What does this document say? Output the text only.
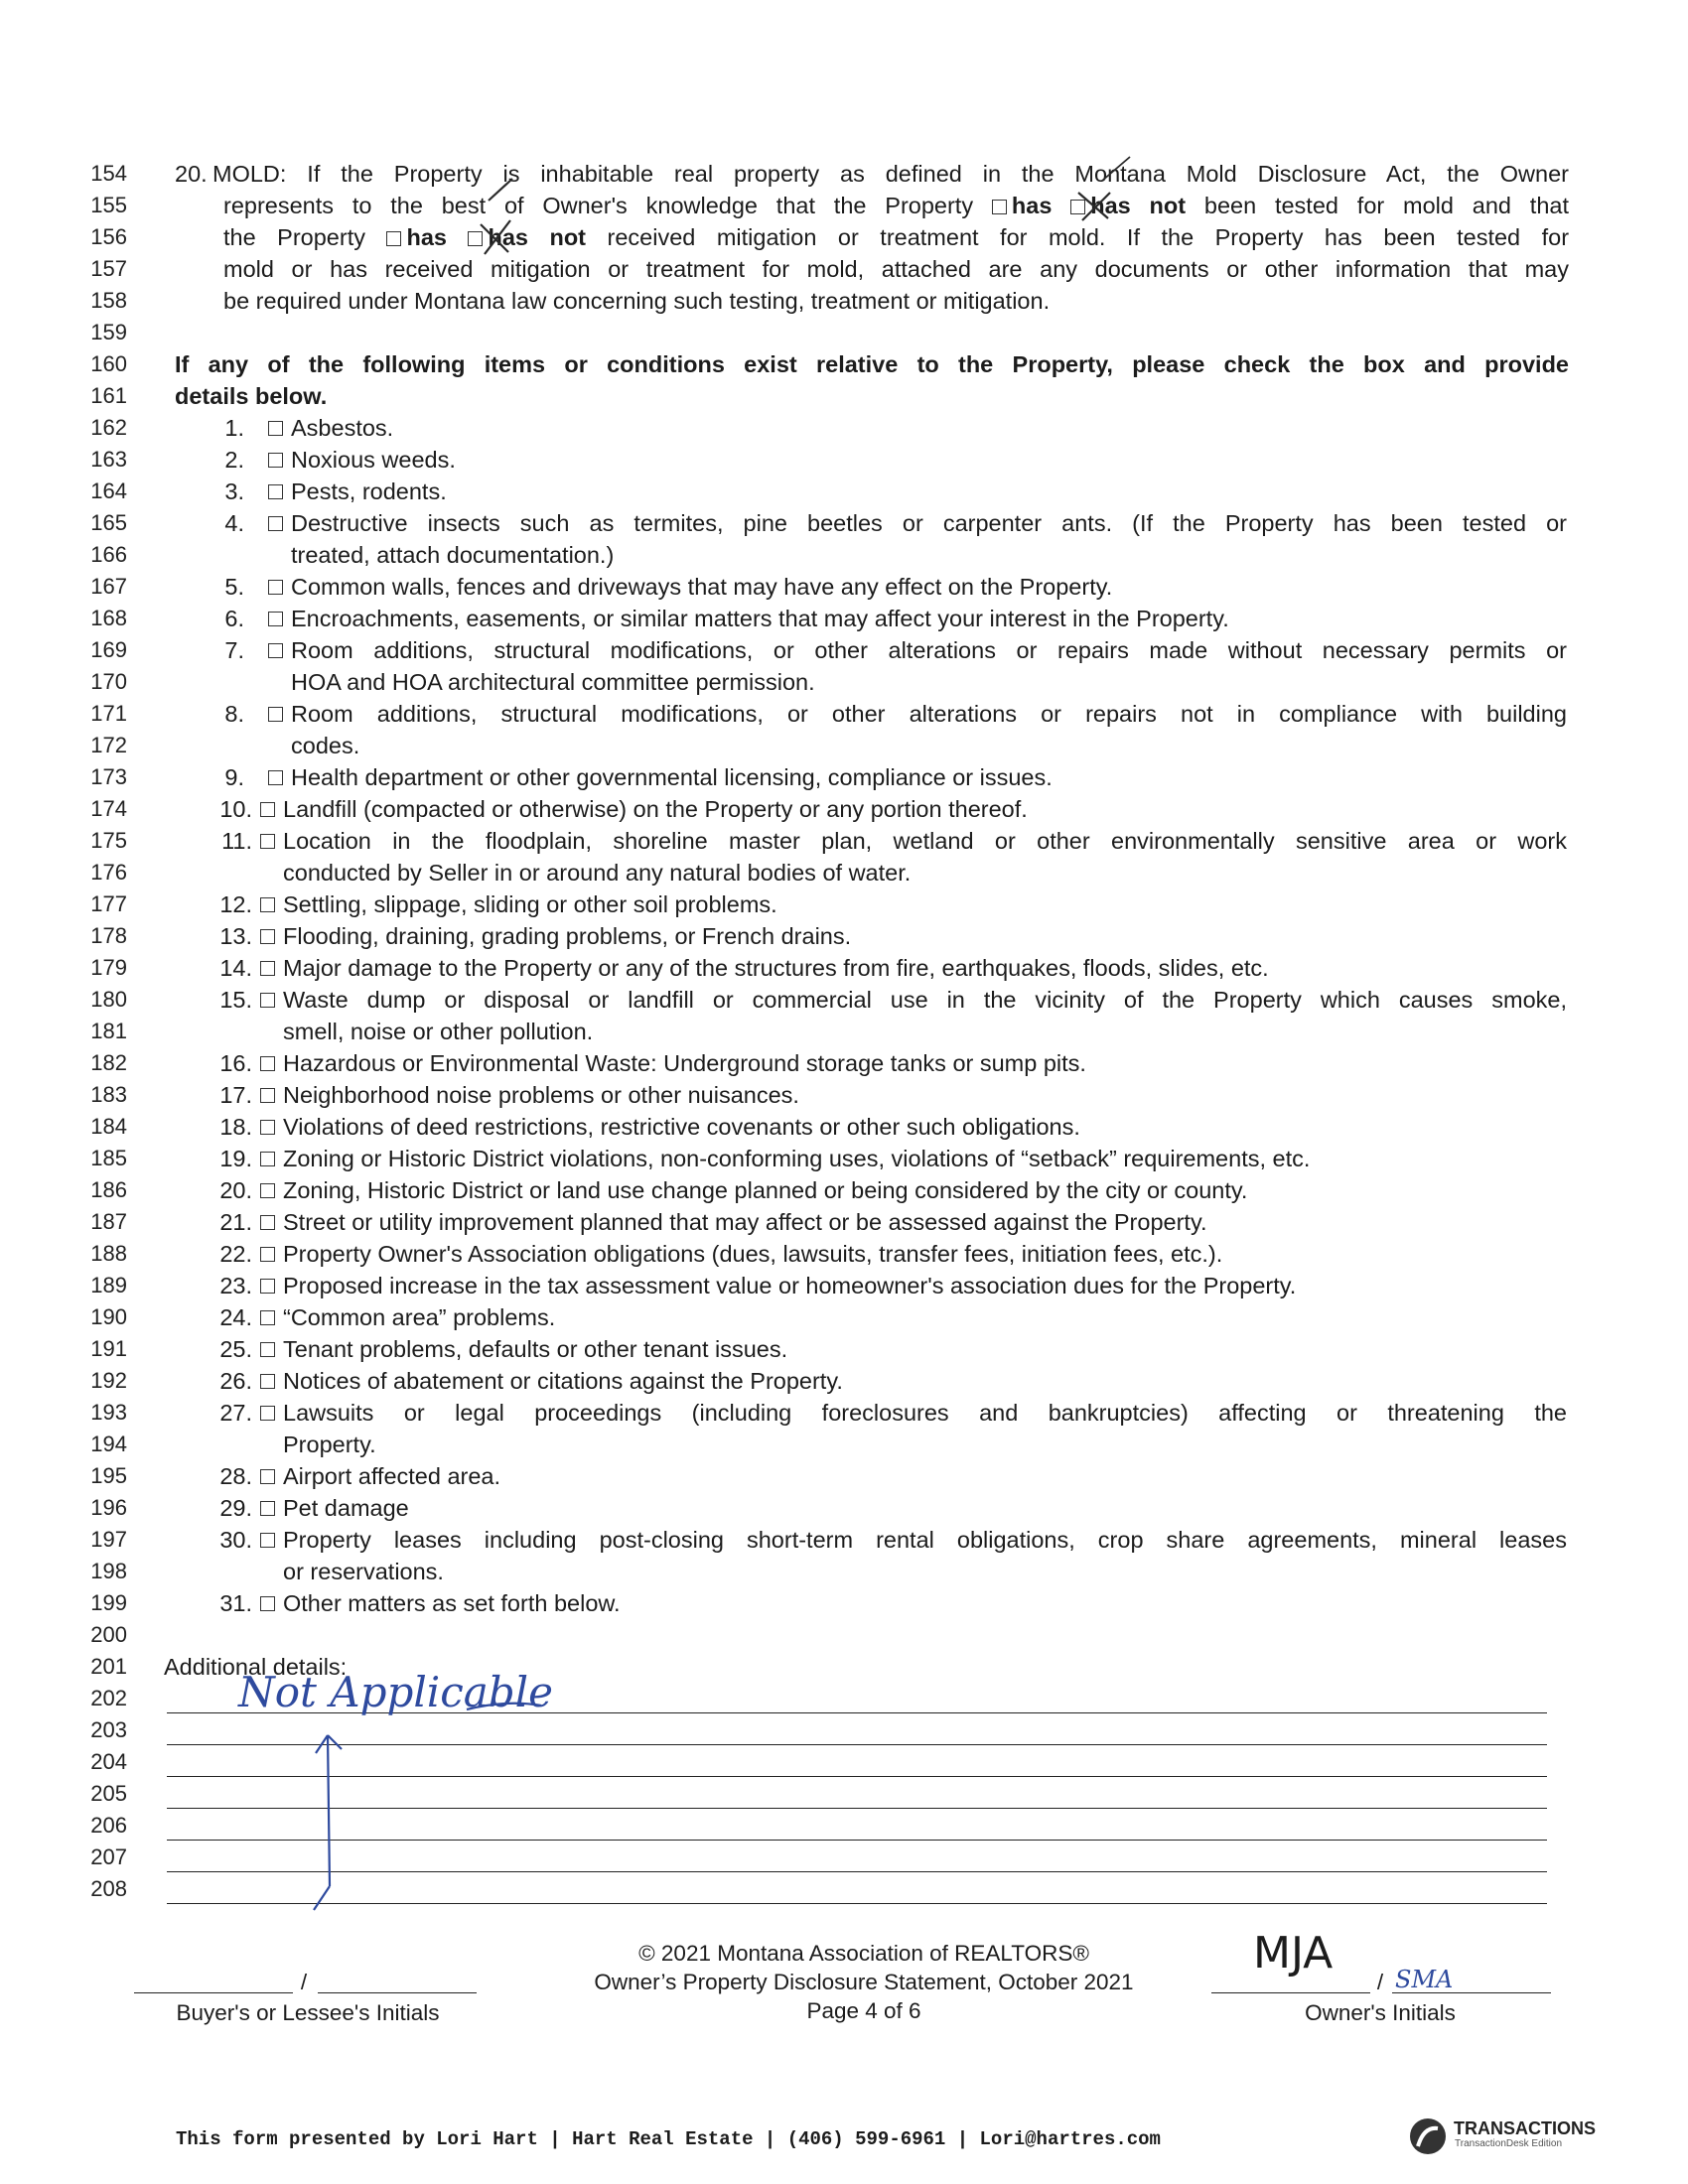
154
155
156
157
158
159
160
161
162
163
164
165
166
167
168
169
170
171
172
173
174
175
176
177
178
179
180
181
182
183
184
185
186
187
188
189
190
191
192
193
194
195
196
197
198
199
200
201
202
203
204
205
206
207
208
20. MOLD: If the Property is inhabitable real property as defined in the Montana Mold Disclosure Act, the Owner
represents to the best of Owner's knowledge that the Property has has not been tested for mold and that
the Property has has not received mitigation or treatment for mold. If the Property has been tested for
mold or has received mitigation or treatment for mold, attached are any documents or other information that may
be required under Montana law concerning such testing, treatment or mitigation.
If any of the following items or conditions exist relative to the Property, please check the box and provide
details below.
1. Asbestos.
2. Noxious weeds.
3. Pests, rodents.
4. Destructive insects such as termites, pine beetles or carpenter ants. (If the Property has been tested or
treated, attach documentation.)
5. Common walls, fences and driveways that may have any effect on the Property.
6. Encroachments, easements, or similar matters that may affect your interest in the Property.
7. Room additions, structural modifications, or other alterations or repairs made without necessary permits or
HOA and HOA architectural committee permission.
8. Room additions, structural modifications, or other alterations or repairs not in compliance with building
codes.
9. Health department or other governmental licensing, compliance or issues.
10. Landfill (compacted or otherwise) on the Property or any portion thereof.
11. Location in the floodplain, shoreline master plan, wetland or other environmentally sensitive area or work
conducted by Seller in or around any natural bodies of water.
12. Settling, slippage, sliding or other soil problems.
13. Flooding, draining, grading problems, or French drains.
14. Major damage to the Property or any of the structures from fire, earthquakes, floods, slides, etc.
15. Waste dump or disposal or landfill or commercial use in the vicinity of the Property which causes smoke,
smell, noise or other pollution.
16. Hazardous or Environmental Waste: Underground storage tanks or sump pits.
17. Neighborhood noise problems or other nuisances.
18. Violations of deed restrictions, restrictive covenants or other such obligations.
19. Zoning or Historic District violations, non-conforming uses, violations of “setback” requirements, etc.
20. Zoning, Historic District or land use change planned or being considered by the city or county.
21. Street or utility improvement planned that may affect or be assessed against the Property.
22. Property Owner's Association obligations (dues, lawsuits, transfer fees, initiation fees, etc.).
23. Proposed increase in the tax assessment value or homeowner's association dues for the Property.
24. “Common area” problems.
25. Tenant problems, defaults or other tenant issues.
26. Notices of abatement or citations against the Property.
27. Lawsuits or legal proceedings (including foreclosures and bankruptcies) affecting or threatening the
Property.
28. Airport affected area.
29. Pet damage
30. Property leases including post-closing short-term rental obligations, crop share agreements, mineral leases
or reservations.
31. Other matters as set forth below.
Additional details:
Not Applicable
© 2021 Montana Association of REALTORS®
Owner’s Property Disclosure Statement, October 2021
Page 4 of 6
/
Buyer's or Lessee's Initials
MJA
/ SMA
Owner's Initials
This form presented by Lori Hart | Hart Real Estate | (406) 599-6961 | Lori@hartres.com	TRANSACTIONS
TransactionDesk Edition
